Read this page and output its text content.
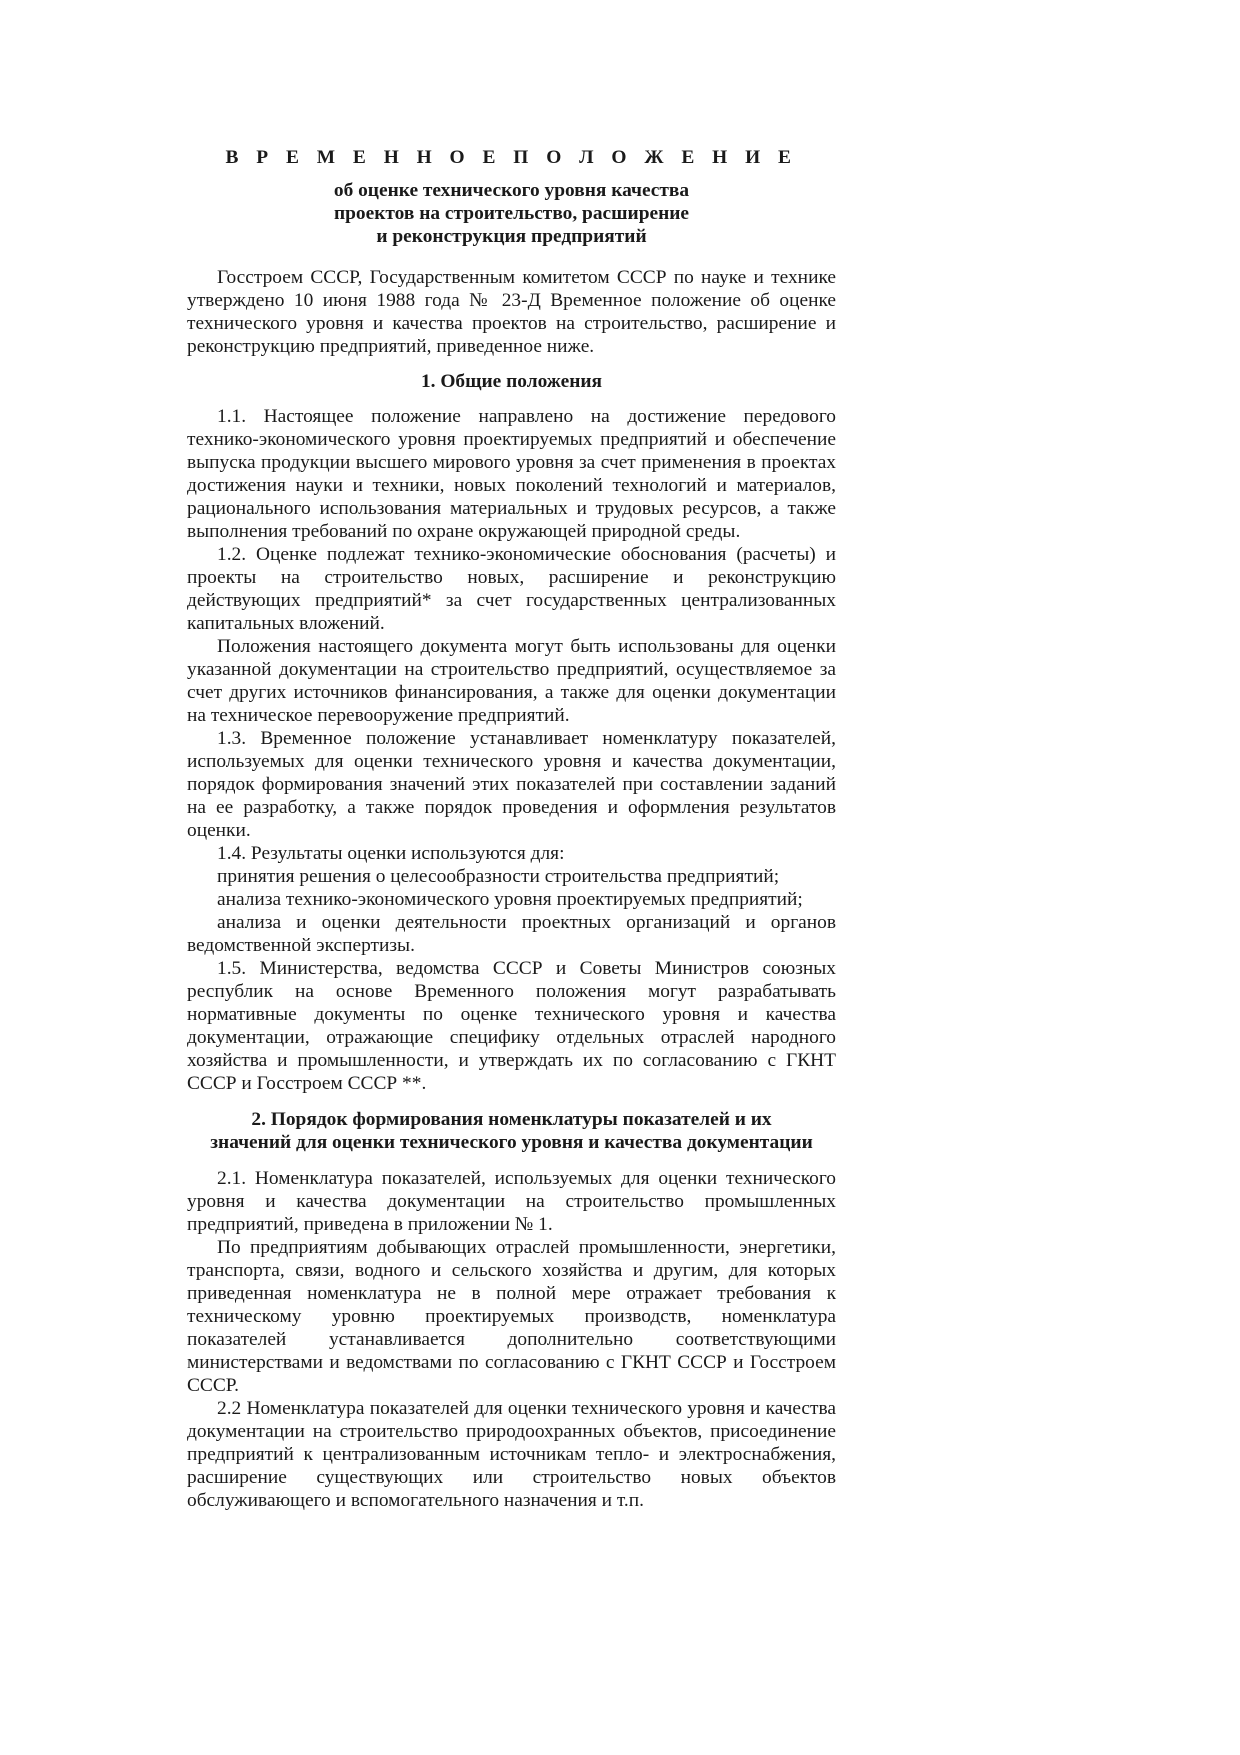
В Р Е М Е Н Н О Е П О Л О Ж Е Н И Е
об оценке технического уровня качества
проектов на строительство, расширение
и реконструкция предприятий

Госстроем СССР, Государственным комитетом СССР по науке и технике утверждено 10 июня 1988 года № 23-Д Временное положение об оценке технического уровня и качества проектов на строительство, расширение и реконструкцию предприятий, приведенное ниже.

1. Общие положения

1.1. Настоящее положение направлено на достижение передового технико-экономического уровня проектируемых предприятий и обеспечение выпуска продукции высшего мирового уровня за счет применения в проектах достижения науки и техники, новых поколений технологий и материалов, рационального использования материальных и трудовых ресурсов, а также выполнения требований по охране окружающей природной среды.

1.2. Оценке подлежат технико-экономические обоснования (расчеты) и проекты на строительство новых, расширение и реконструкцию действующих предприятий* за счет государственных централизованных капитальных вложений.

Положения настоящего документа могут быть использованы для оценки указанной документации на строительство предприятий, осуществляемое за счет других источников финансирования, а также для оценки документации на техническое перевооружение предприятий.

1.3. Временное положение устанавливает номенклатуру показателей, используемых для оценки технического уровня и качества документации, порядок формирования значений этих показателей при составлении заданий на ее разработку, а также порядок проведения и оформления результатов оценки.

1.4. Результаты оценки используются для:

принятия решения о целесообразности строительства предприятий;

анализа технико-экономического уровня проектируемых предприятий;

анализа и оценки деятельности проектных организаций и органов ведомственной экспертизы.

1.5. Министерства, ведомства СССР и Советы Министров союзных республик на основе Временного положения могут разрабатывать нормативные документы по оценке технического уровня и качества документации, отражающие специфику отдельных отраслей народного хозяйства и промышленности, и утверждать их по согласованию с ГКНТ СССР и Госстроем СССР **.

2. Порядок формирования номенклатуры показателей и их
значений для оценки технического уровня и качества документации

2.1. Номенклатура показателей, используемых для оценки технического уровня и качества документации на строительство промышленных предприятий, приведена в приложении № 1.

По предприятиям добывающих отраслей промышленности, энергетики, транспорта, связи, водного и сельского хозяйства и другим, для которых приведенная номенклатура не в полной мере отражает требования к техническому уровню проектируемых производств, номенклатура показателей устанавливается дополнительно соответствующими министерствами и ведомствами по согласованию с ГКНТ СССР и Госстроем СССР.

2.2 Номенклатура показателей для оценки технического уровня и качества документации на строительство природоохранных объектов, присоединение предприятий к централизованным источникам тепло- и электроснабжения, расширение существующих или строительство новых объектов обслуживающего и вспомогательного назначения и т.п.
